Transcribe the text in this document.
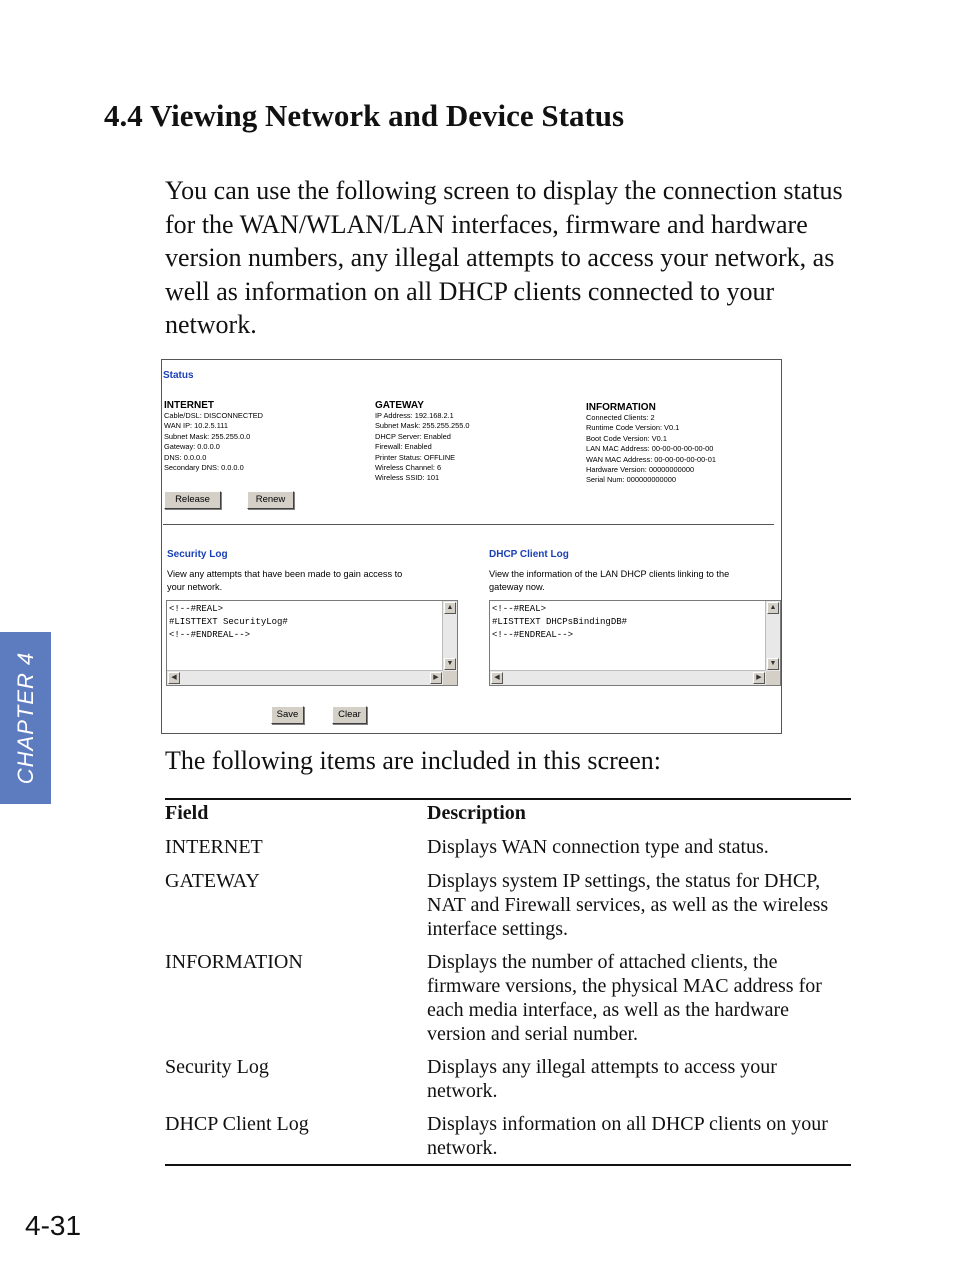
4.4 Viewing Network and Device Status

You can use the following screen to display the connection status for the WAN/WLAN/LAN interfaces, firmware and hardware version numbers, any illegal attempts to access your network, as well as information on all DHCP clients connected to your network.

Status
INTERNET
Cable/DSL: DISCONNECTED
WAN IP: 10.2.5.111
Subnet Mask: 255.255.0.0
Gateway: 0.0.0.0
DNS: 0.0.0.0
Secondary DNS: 0.0.0.0
Release	Renew
GATEWAY
IP Address: 192.168.2.1
Subnet Mask: 255.255.255.0
DHCP Server: Enabled
Firewall: Enabled
Printer Status: OFFLINE
Wireless Channel: 6
Wireless SSID: 101
INFORMATION
Connected Clients: 2
Runtime Code Version: V0.1
Boot Code Version: V0.1
LAN MAC Address: 00-00-00-00-00-00
WAN MAC Address: 00-00-00-00-00-01
Hardware Version: 00000000000
Serial Num: 000000000000
Security Log
View any attempts that have been made to gain access to
your network.
<!--#REAL>
#LISTTEXT SecurityLog#
<!--#ENDREAL-->
▲
▼
◀	▶
DHCP Client Log
View the information of the LAN DHCP clients linking to the
gateway now.
<!--#REAL>
#LISTTEXT DHCPsBindingDB#
<!--#ENDREAL-->
▲
▼
◀	▶
Save	Clear

The following items are included in this screen:

Field	Description
INTERNET	Displays WAN connection type and status.
GATEWAY	Displays system IP settings, the status for DHCP, NAT and Firewall services, as well as the wireless interface settings.
INFORMATION	Displays the number of attached clients, the firmware versions, the physical MAC address for each media interface, as well as the hardware version and serial number.
Security Log	Displays any illegal attempts to access your network.
DHCP Client Log	Displays information on all DHCP clients on your network.
CHAPTER 4
4-31
